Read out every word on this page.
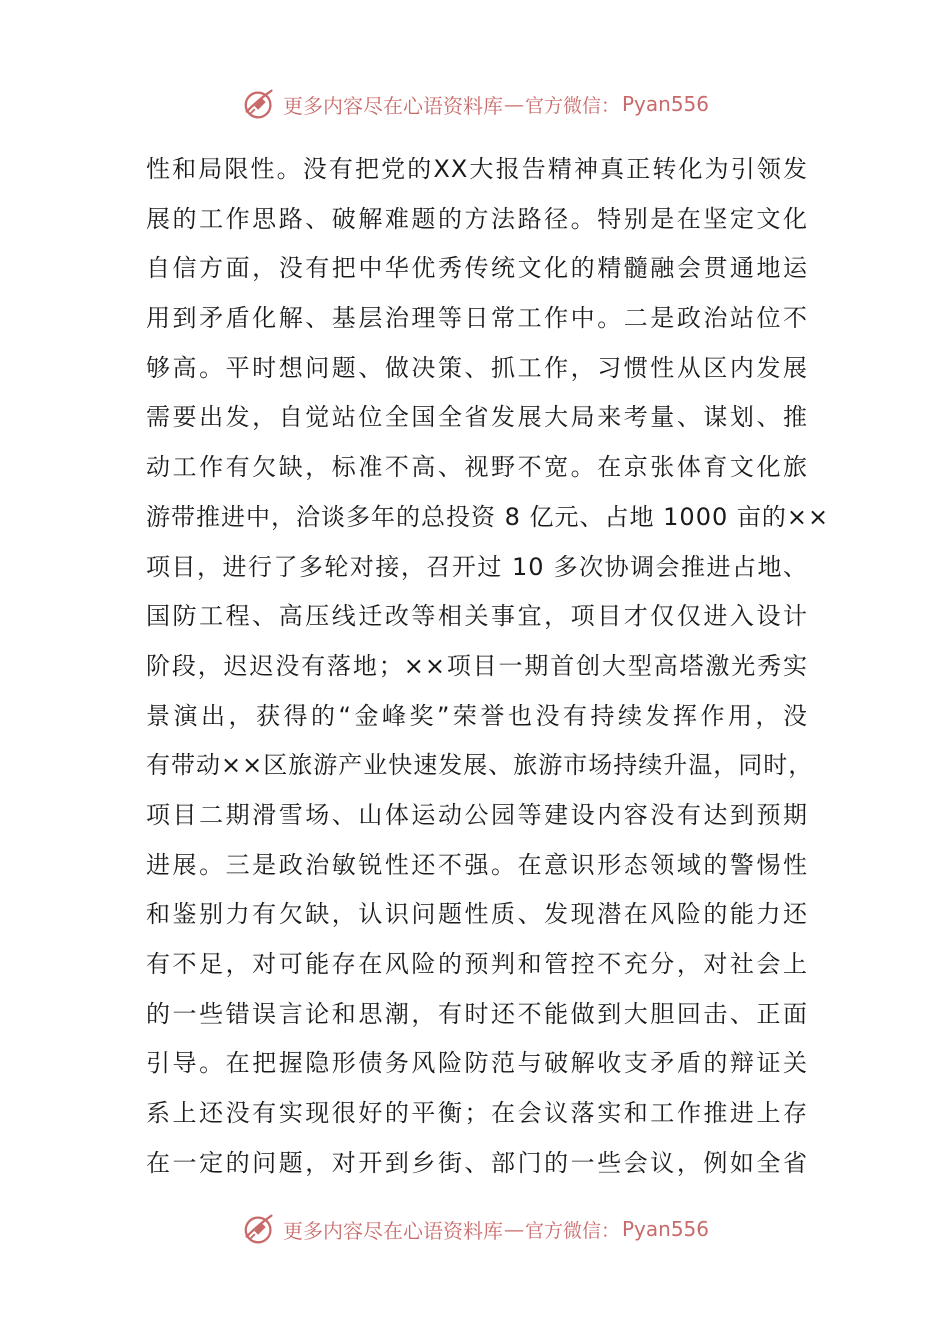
更多内容尽在心语资料库 — 官方微信： Pyan556
性和局限性。没有把党的XX大报告精神真正转化为引领发
展的工作思路、破解难题的方法路径。特别是在坚定文化
自信方面，没有把中华优秀传统文化的精髓融会贯通地运
用到矛盾化解、基层治理等日常工作中。二是政治站位不
够高。平时想问题、做决策、抓工作，习惯性从区内发展
需要出发，自觉站位全国全省发展大局来考量、谋划、推
动工作有欠缺，标准不高、视野不宽。在京张体育文化旅
游带推进中，洽谈多年的总投资 8 亿元、占地 1000 亩的××
项目，进行了多轮对接，召开过 10 多次协调会推进占地、
国防工程、高压线迁改等相关事宜，项目才仅仅进入设计
阶段，迟迟没有落地；××项目一期首创大型高塔激光秀实
景演出，获得的“金峰奖”荣誉也没有持续发挥作用，没
有带动××区旅游产业快速发展、旅游市场持续升温，同时，
项目二期滑雪场、山体运动公园等建设内容没有达到预期
进展。三是政治敏锐性还不强。在意识形态领域的警惕性
和鉴别力有欠缺，认识问题性质、发现潜在风险的能力还
有不足，对可能存在风险的预判和管控不充分，对社会上
的一些错误言论和思潮，有时还不能做到大胆回击、正面
引导。在把握隐形债务风险防范与破解收支矛盾的辩证关
系上还没有实现很好的平衡；在会议落实和工作推进上存
在一定的问题，对开到乡街、部门的一些会议，例如全省
更多内容尽在心语资料库 — 官方微信： Pyan556
